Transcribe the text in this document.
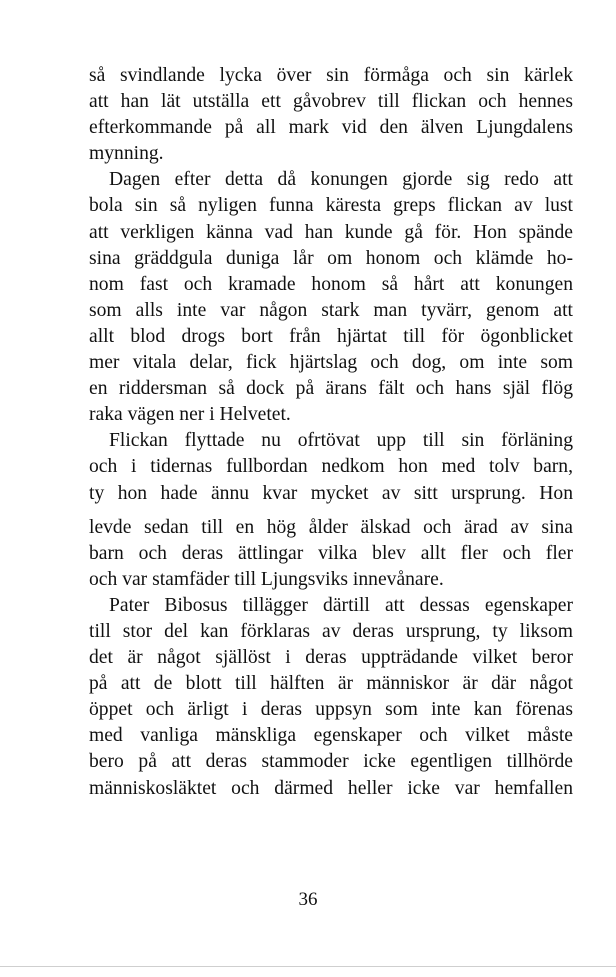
så svindlande lycka över sin förmåga och sin kärlek
att han lät utställa ett gåvobrev till flickan och hennes
efterkommande på all mark vid den älven Ljungdalens
mynning.
Dagen efter detta då konungen gjorde sig redo att
bola sin så nyligen funna käresta greps flickan av lust
att verkligen känna vad han kunde gå för. Hon spände
sina gräddgula duniga lår om honom och klämde ho-
nom fast och kramade honom så hårt att konungen
som alls inte var någon stark man tyvärr, genom att
allt blod drogs bort från hjärtat till för ögonblicket
mer vitala delar, fick hjärtslag och dog, om inte som
en riddersman så dock på ärans fält och hans själ flög
raka vägen ner i Helvetet.
Flickan flyttade nu ofrtövat upp till sin förläning
och i tidernas fullbordan nedkom hon med tolv barn,
ty hon hade ännu kvar mycket av sitt ursprung. Hon
levde sedan till en hög ålder älskad och ärad av sina
barn och deras ättlingar vilka blev allt fler och fler
och var stamfäder till Ljungsviks innevånare.
Pater Bibosus tillägger därtill att dessas egenskaper
till stor del kan förklaras av deras ursprung, ty liksom
det är något själlöst i deras uppträdande vilket beror
på att de blott till hälften är människor är där något
öppet och ärligt i deras uppsyn som inte kan förenas
med vanliga mänskliga egenskaper och vilket måste
bero på att deras stammoder icke egentligen tillhörde
människosläktet och därmed heller icke var hemfallen
36
